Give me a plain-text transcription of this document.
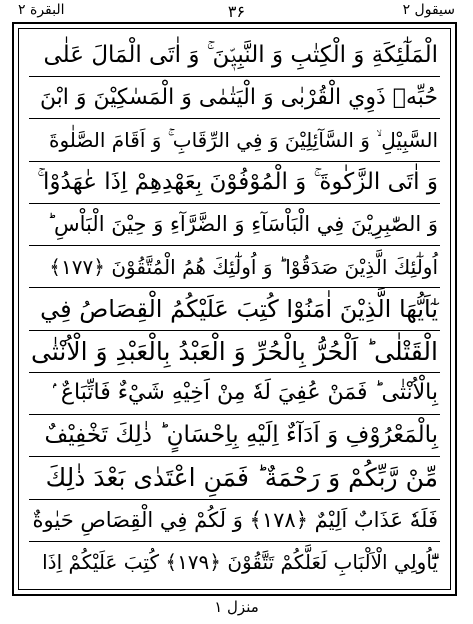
البقرة ۲	۳۶	سیقول ۲
الْمَلٰٓئِكَةِ وَ الْكِتٰبِ وَ النَّبِيّٖنَ ۚ وَ اٰتَى الْمَالَ عَلٰى
حُبِّهٖ ذَوِي الْقُرْبٰى وَ الْيَتٰمٰى وَ الْمَسٰكِيْنَ وَ ابْنَ
السَّبِيْلِ ۙ وَ السَّآئِلِيْنَ وَ فِي الرِّقَابِ ۚ وَ اَقَامَ الصَّلٰوةَ
وَ اٰتَى الزَّكٰوةَ ۚ وَ الْمُوْفُوْنَ بِعَهْدِهِمْ اِذَا عٰهَدُوْا ۚ
وَ الصّٰبِرِيْنَ فِي الْبَاْسَآءِ وَ الضَّرَّآءِ وَ حِيْنَ الْبَاْسِ ؕ
اُولٰٓئِكَ الَّذِيْنَ صَدَقُوْا ؕ وَ اُولٰٓئِكَ هُمُ الْمُتَّقُوْنَ ﴿۱۷۷﴾
يٰٓاَيُّهَا الَّذِيْنَ اٰمَنُوْا كُتِبَ عَلَيْكُمُ الْقِصَاصُ فِي
الْقَتْلٰى ؕ اَلْحُرُّ بِالْحُرِّ وَ الْعَبْدُ بِالْعَبْدِ وَ الْاُنْثٰى
بِالْاُنْثٰى ؕ فَمَنْ عُفِيَ لَهٗ مِنْ اَخِيْهِ شَيْءٌ فَاتِّبَاعٌ ۢ
بِالْمَعْرُوْفِ وَ اَدَآءٌ اِلَيْهِ بِاِحْسَانٍ ؕ ذٰلِكَ تَخْفِيْفٌ
مِّنْ رَّبِّكُمْ وَ رَحْمَةٌ ؕ فَمَنِ اعْتَدٰى بَعْدَ ذٰلِكَ
فَلَهٗ عَذَابٌ اَلِيْمٌ ﴿۱۷۸﴾ وَ لَكُمْ فِي الْقِصَاصِ حَيٰوةٌ
يّٰٓاُولِي الْاَلْبَابِ لَعَلَّكُمْ تَتَّقُوْنَ ﴿۱۷۹﴾ كُتِبَ عَلَيْكُمْ اِذَا
منزل ۱
